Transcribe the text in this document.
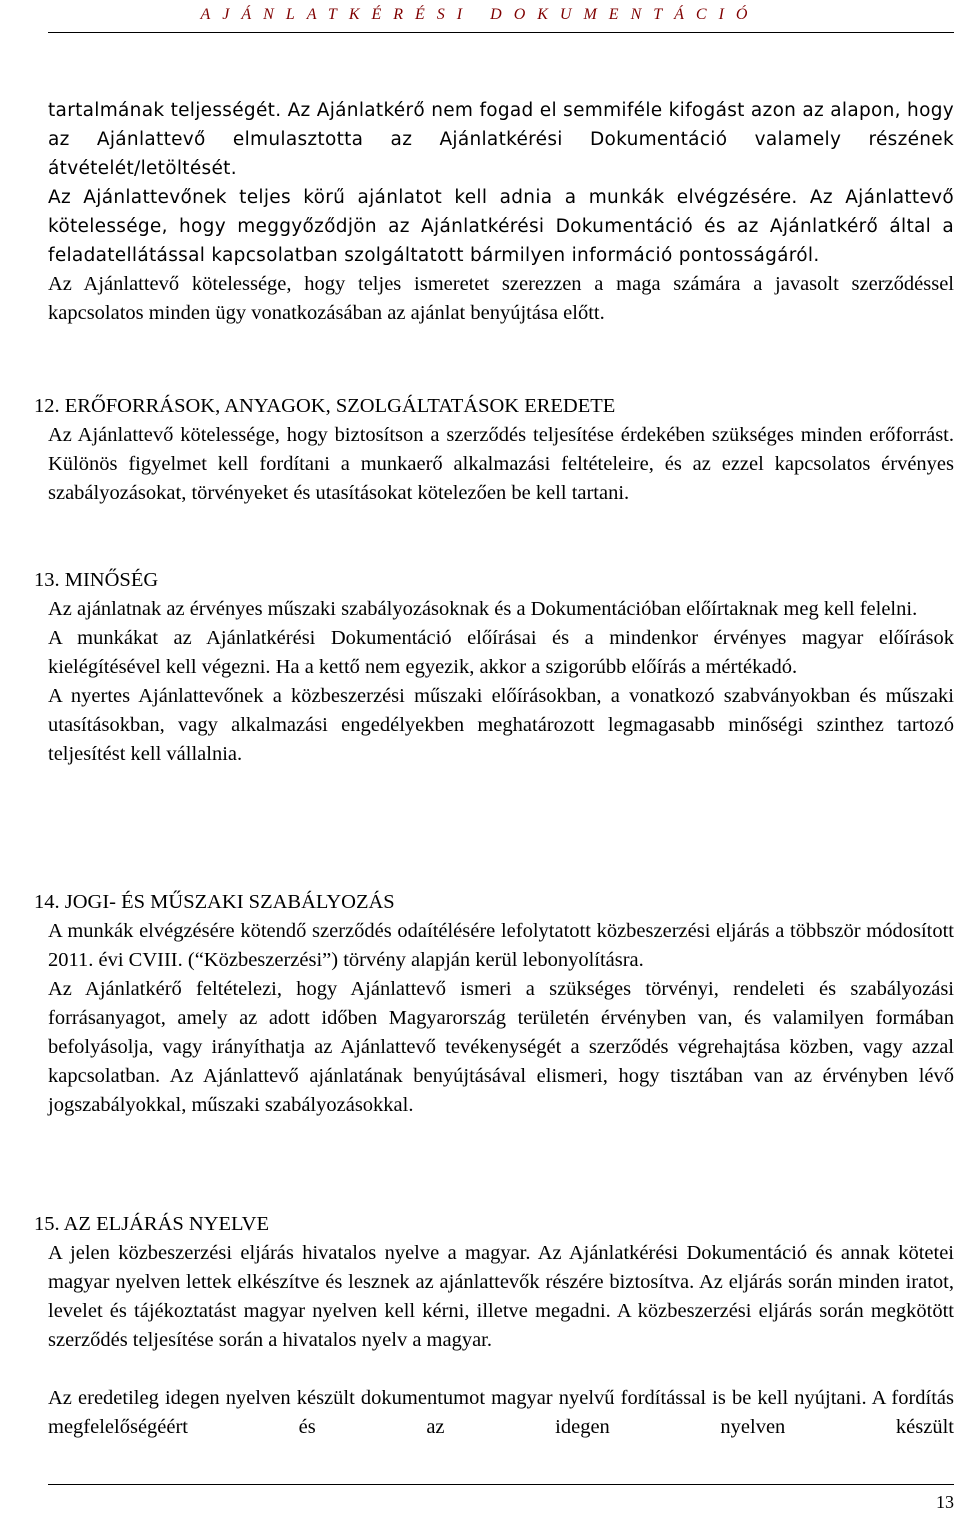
AJÁNLATKÉRÉSI DOKUMENTÁCIÓ

tartalmának teljességét. Az Ajánlatkérő nem fogad el semmiféle kifogást azon az alapon, hogy az Ajánlattevő elmulasztotta az Ajánlatkérési Dokumentáció valamely részének átvételét/letöltését.

Az Ajánlattevőnek teljes körű ajánlatot kell adnia a munkák elvégzésére. Az Ajánlattevő kötelessége, hogy meggyőződjön az Ajánlatkérési Dokumentáció és az Ajánlatkérő által a feladatellátással kapcsolatban szolgáltatott bármilyen információ pontosságáról.

Az Ajánlattevő kötelessége, hogy teljes ismeretet szerezzen a maga számára a javasolt szerződéssel kapcsolatos minden ügy vonatkozásában az ajánlat benyújtása előtt.

12. ERŐFORRÁSOK, ANYAGOK, SZOLGÁLTATÁSOK EREDETE

Az Ajánlattevő kötelessége, hogy biztosítson a szerződés teljesítése érdekében szükséges minden erőforrást. Különös figyelmet kell fordítani a munkaerő alkalmazási feltételeire, és az ezzel kapcsolatos érvényes szabályozásokat, törvényeket és utasításokat kötelezően be kell tartani.

13. MINŐSÉG

Az ajánlatnak az érvényes műszaki szabályozásoknak és a Dokumentációban előírtaknak meg kell felelni.

A munkákat az Ajánlatkérési Dokumentáció előírásai és a mindenkor érvényes magyar előírások kielégítésével kell végezni. Ha a kettő nem egyezik, akkor a szigorúbb előírás a mértékadó.

A nyertes Ajánlattevőnek a közbeszerzési műszaki előírásokban, a vonatkozó szabványokban és műszaki utasításokban, vagy alkalmazási engedélyekben meghatározott legmagasabb minőségi szinthez tartozó teljesítést kell vállalnia.

14. JOGI- ÉS MŰSZAKI SZABÁLYOZÁS

A munkák elvégzésére kötendő szerződés odaítélésére lefolytatott közbeszerzési eljárás a többször módosított 2011. évi CVIII. (“Közbeszerzési”) törvény alapján kerül lebonyolításra.

Az Ajánlatkérő feltételezi, hogy Ajánlattevő ismeri a szükséges törvényi, rendeleti és szabályozási forrásanyagot, amely az adott időben Magyarország területén érvényben van, és valamilyen formában befolyásolja, vagy irányíthatja az Ajánlattevő tevékenységét a szerződés végrehajtása közben, vagy azzal kapcsolatban. Az Ajánlattevő ajánlatának benyújtásával elismeri, hogy tisztában van az érvényben lévő jogszabályokkal, műszaki szabályozásokkal.

15. AZ ELJÁRÁS NYELVE

A jelen közbeszerzési eljárás hivatalos nyelve a magyar. Az Ajánlatkérési Dokumentáció és annak kötetei magyar nyelven lettek elkészítve és lesznek az ajánlattevők részére biztosítva. Az eljárás során minden iratot, levelet és tájékoztatást magyar nyelven kell kérni, illetve megadni. A közbeszerzési eljárás során megkötött szerződés teljesítése során a hivatalos nyelv a magyar.

Az eredetileg idegen nyelven készült dokumentumot magyar nyelvű fordítással is be kell nyújtani. A fordítás megfelelőségéért és az idegen nyelven készült

13
